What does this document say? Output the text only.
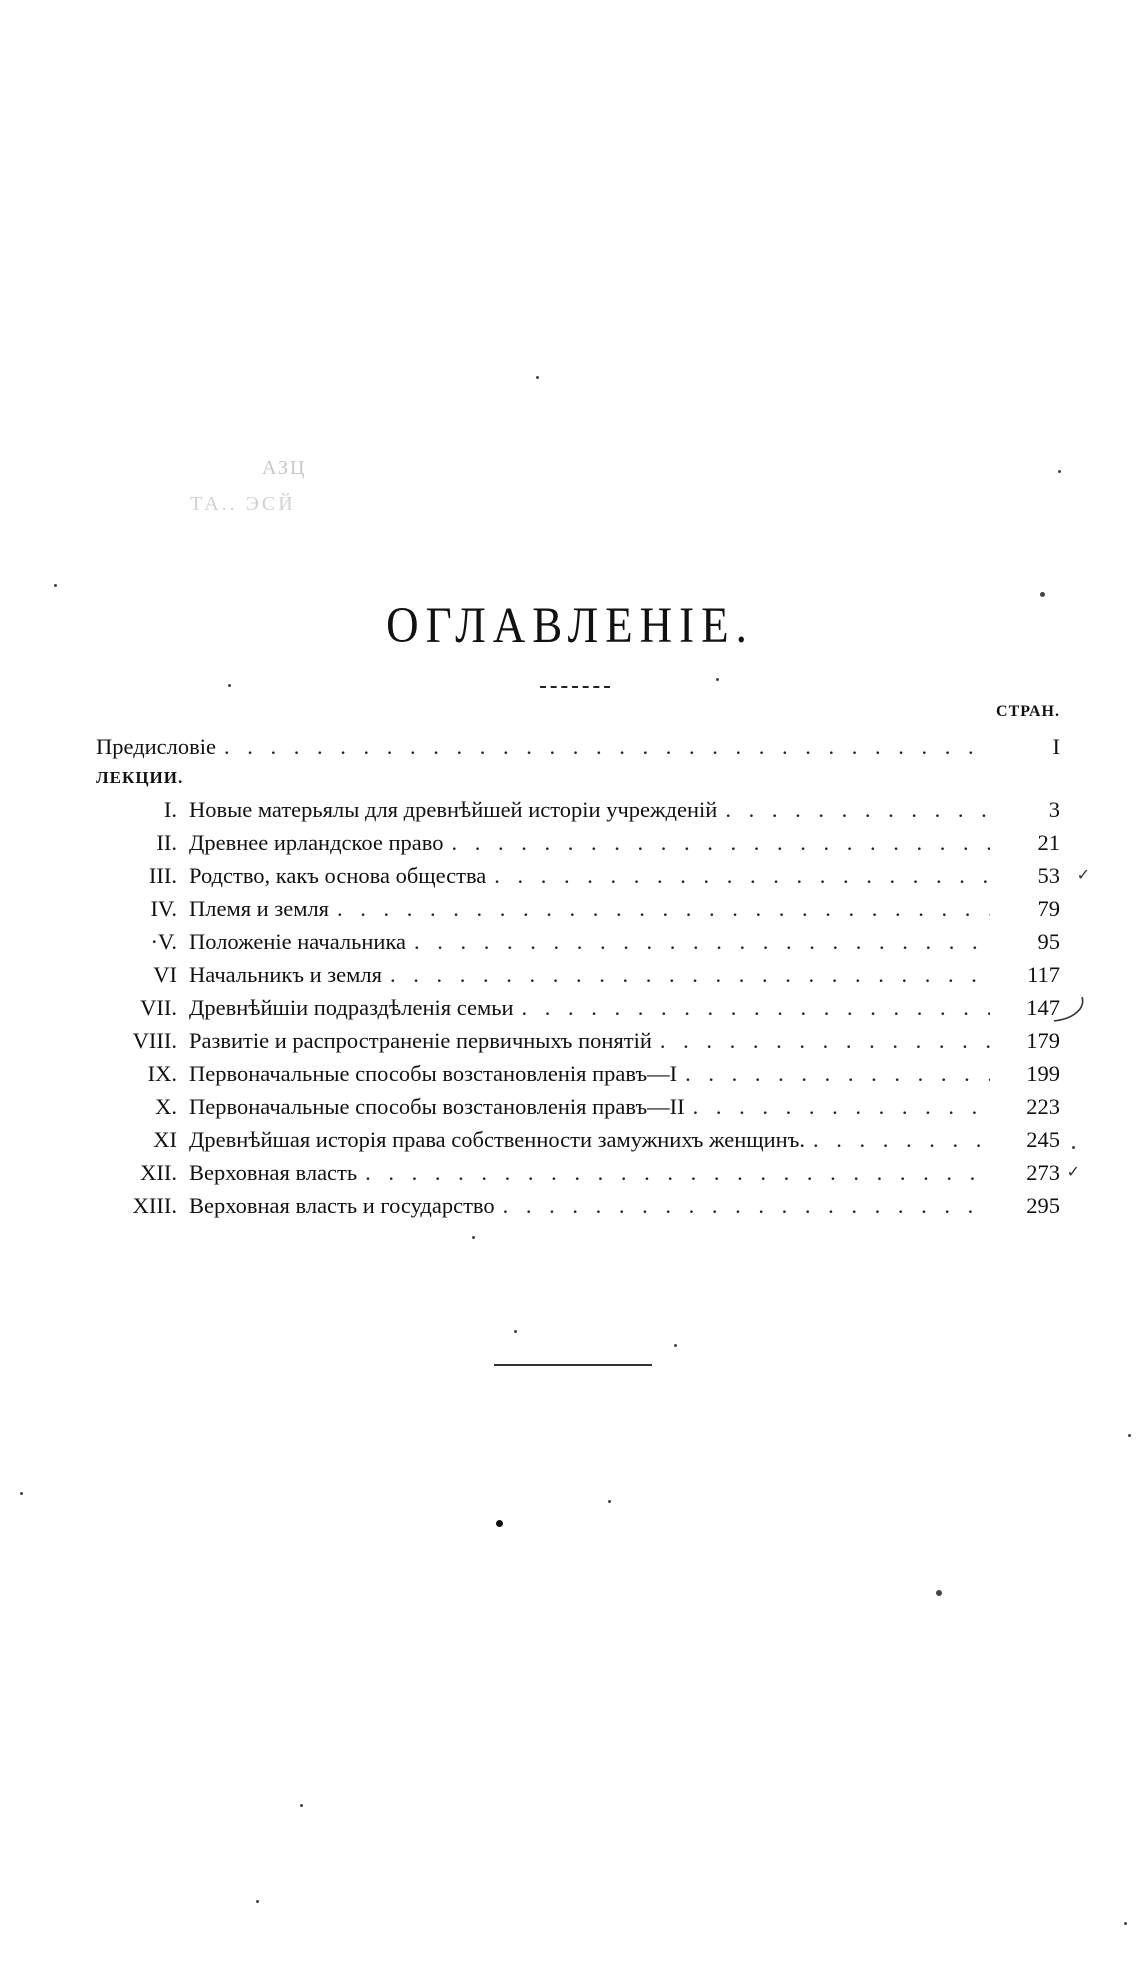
АЗЦ
ТА.. ЭСЙ
ОГЛАВЛЕНІЕ.
СТРАН.
Предисловіе . . .	I
ЛЕКЦИИ.
I. Новые матерьялы для древнѣйшей исторіи учрежденій . . .	3
II. Древнее ирландское право . . .	21
III. Родство, какъ основа общества . . .	53 ✓
IV. Племя и земля . . .	79
·V. Положеніе начальника . . .	95
VI Начальникъ и земля . . .	117
VII. Древнѣйшіи подраздѣленія семьи . . .	147
VIII. Развитіе и распространеніе первичныхъ понятій . . .	179
IX. Первоначальные способы возстановленія правъ—I . . .	199
X. Первоначальные способы возстановленія правъ—II . . .	223
XI Древнѣйшая исторія права собственности замужнихъ женщинъ. . . .	245
XII. Верховная власть . . .	273 ✓
XIII. Верховная власть и государство . . .	295
